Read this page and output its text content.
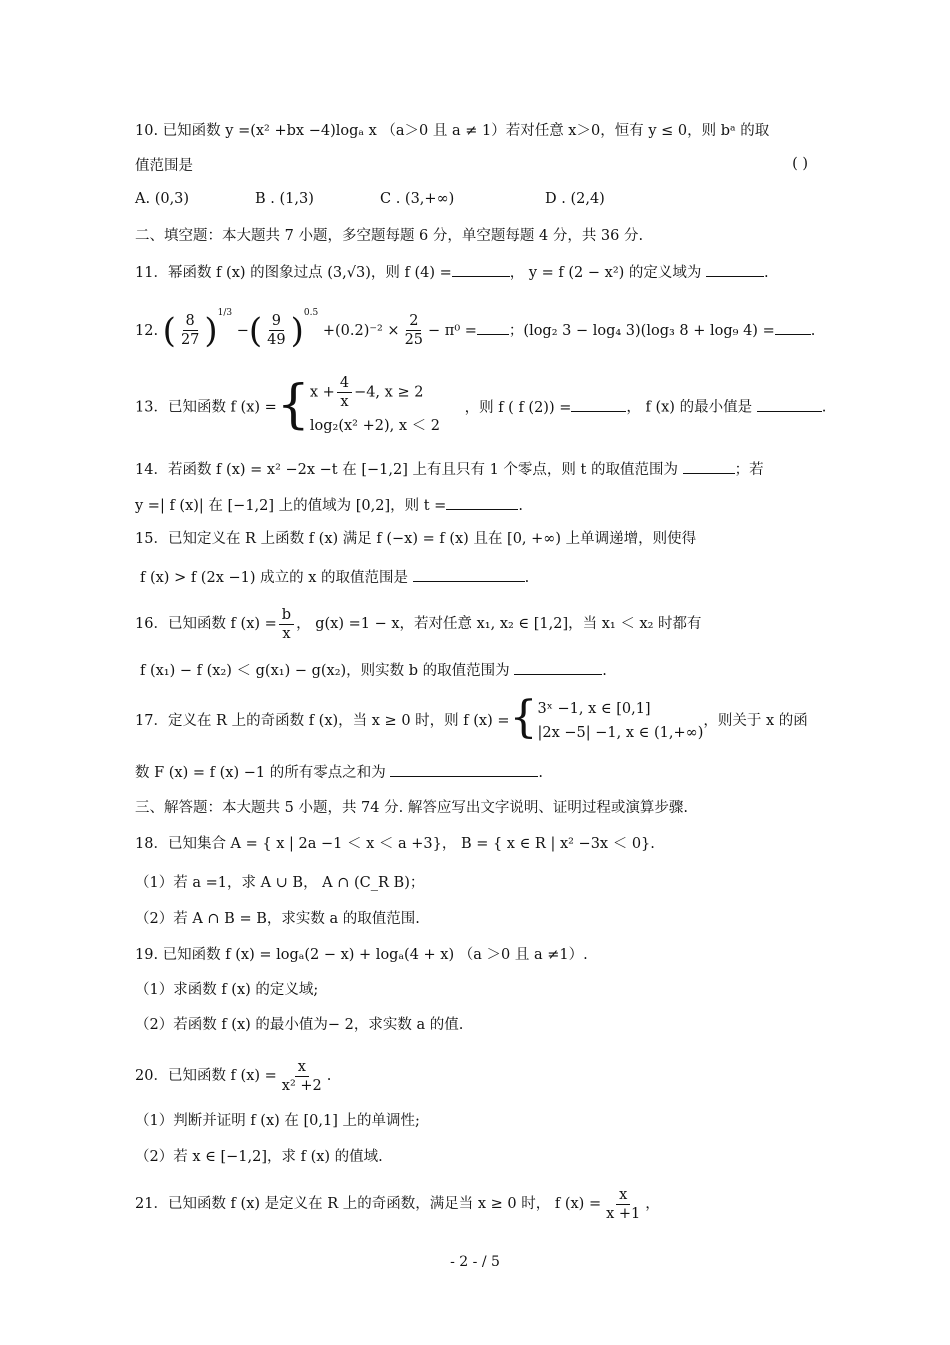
10. 已知函数 y =(x² +bx −4)logₐ x （a＞0 且 a ≠ 1）若对任意 x＞0，恒有 y ≤ 0，则 bᵃ 的取
值范围是	( )
A. (0,3)	B . (1,3)	C . (3,+∞)	D . (2,4)
二、填空题：本大题共 7 小题，多空题每题 6 分，单空题每题 4 分，共 36 分.
11．幂函数 f (x) 的图象过点 (3,√3)，则 f (4) =	， y = f (2 − x²) 的定义域为	.
12. ( $\frac{8}{27} )^{1/3}$ −( $\frac{9}{49} )^{0.5} +(0.2)^{-2} \times \frac{2}{25} - \pi^0$ = ；(log₂ 3 − log₄ 3)(log₃ 8 + log₉ 4) = .
13．已知函数 f (x) ={ $x + \frac{4}{x} -4$, x ≥ 2
log₂(x² +2), x ＜ 2
，则 f ( f (2)) =	， f (x) 的最小值是	.
14．若函数 f (x) = x² −2x −t 在 [−1,2] 上有且只有 1 个零点，则 t 的取值范围为	；若
y =| f (x)| 在 [−1,2] 上的值域为 [0,2]，则 t =	.
15．已知定义在 R 上函数 f (x) 满足 f (−x) = f (x) 且在 [0, +∞) 上单调递增，则使得
f (x) > f (2x −1) 成立的 x 的取值范围是	.
16．已知函数 f $(x) = \frac{b}{x}$ ， g(x) =1 − x，若对任意 x₁, x₂ ∈ [1,2]，当 x₁ ＜ x₂ 时都有
f (x₁) − f (x₂) ＜ g(x₁) − g(x₂)，则实数 b 的取值范围为	.
17．定义在 R 上的奇函数 f (x)，当 x ≥ 0 时，则 f (x) ={ 3ˣ −1, x ∈ [0,1]
|2x −5| −1, x ∈ (1,+∞)
，则关于 x 的函
数 F (x) = f (x) −1 的所有零点之和为	.
三、解答题：本大题共 5 小题，共 74 分. 解答应写出文字说明、证明过程或演算步骤.
18．已知集合 A = { x | 2a −1 ＜ x ＜ a +3}， B = { x ∈ R | x² −3x ＜ 0}.
（1）若 a =1，求 A ∪ B， A ∩ (C_R B)；
（2）若 A ∩ B = B，求实数 a 的取值范围.
19. 已知函数 f (x) = logₐ(2 − x) + logₐ(4 + x) （a ＞0 且 a ≠1）.
（1）求函数 f (x) 的定义域;
（2）若函数 f (x) 的最小值为− 2，求实数 a 的值.
20．已知函数 f $(x) = \frac{x}{\text{x² +2}}$ .
（1）判断并证明 f (x) 在 [0,1] 上的单调性;
（2）若 x ∈ [−1,2]，求 f (x) 的值域.
21．已知函数 f (x) 是定义在 R 上的奇函数，满足当 x ≥ 0 时， f $(x) = \frac{x}{x +1}$ ，
- 2 - / 5
